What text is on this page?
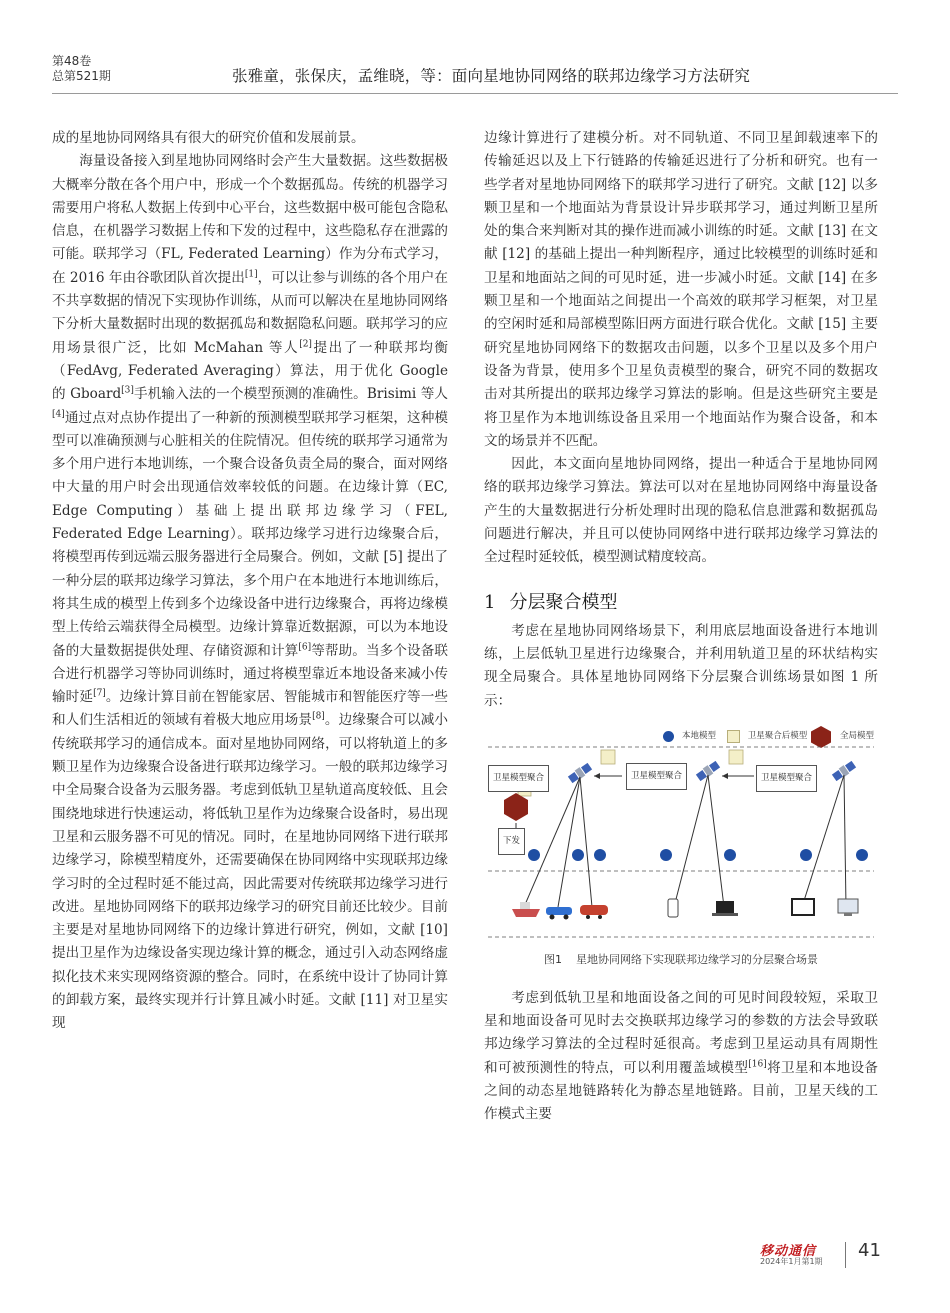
第48卷
总第521期	张雅童，张保庆，孟维晓，等：面向星地协同网络的联邦边缘学习方法研究

成的星地协同网络具有很大的研究价值和发展前景。

海量设备接入到星地协同网络时会产生大量数据。这些数据极大概率分散在各个用户中，形成一个个数据孤岛。传统的机器学习需要用户将私人数据上传到中心平台，这些数据中极可能包含隐私信息，在机器学习数据上传和下发的过程中，这些隐私存在泄露的可能。联邦学习（FL, Federated Learning）作为分布式学习，在 2016 年由谷歌团队首次提出[1]，可以让参与训练的各个用户在不共享数据的情况下实现协作训练，从而可以解决在星地协同网络下分析大量数据时出现的数据孤岛和数据隐私问题。联邦学习的应用场景很广泛，比如 McMahan 等人[2]提出了一种联邦均衡（FedAvg, Federated Averaging）算法，用于优化 Google 的 Gboard[3]手机输入法的一个模型预测的准确性。Brisimi 等人[4]通过点对点协作提出了一种新的预测模型联邦学习框架，这种模型可以准确预测与心脏相关的住院情况。但传统的联邦学习通常为多个用户进行本地训练，一个聚合设备负责全局的聚合，面对网络中大量的用户时会出现通信效率较低的问题。在边缘计算（EC, Edge Computing）基础上提出联邦边缘学习（FEL, Federated Edge Learning）。联邦边缘学习进行边缘聚合后，将模型再传到远端云服务器进行全局聚合。例如，文献 [5] 提出了一种分层的联邦边缘学习算法，多个用户在本地进行本地训练后，将其生成的模型上传到多个边缘设备中进行边缘聚合，再将边缘模型上传给云端获得全局模型。边缘计算靠近数据源，可以为本地设备的大量数据提供处理、存储资源和计算[6]等帮助。当多个设备联合进行机器学习等协同训练时，通过将模型靠近本地设备来减小传输时延[7]。边缘计算目前在智能家居、智能城市和智能医疗等一些和人们生活相近的领域有着极大地应用场景[8]。边缘聚合可以减小传统联邦学习的通信成本。面对星地协同网络，可以将轨道上的多颗卫星作为边缘聚合设备进行联邦边缘学习。一般的联邦边缘学习中全局聚合设备为云服务器。考虑到低轨卫星轨道高度较低、且会围绕地球进行快速运动，将低轨卫星作为边缘聚合设备时，易出现卫星和云服务器不可见的情况。同时，在星地协同网络下进行联邦边缘学习，除模型精度外，还需要确保在协同网络中实现联邦边缘学习时的全过程时延不能过高，因此需要对传统联邦边缘学习进行改进。星地协同网络下的联邦边缘学习的研究目前还比较少。目前主要是对星地协同网络下的边缘计算进行研究，例如，文献 [10] 提出卫星作为边缘设备实现边缘计算的概念，通过引入动态网络虚拟化技术来实现网络资源的整合。同时，在系统中设计了协同计算的卸载方案，最终实现并行计算且减小时延。文献 [11] 对卫星实现

边缘计算进行了建模分析。对不同轨道、不同卫星卸载速率下的传输延迟以及上下行链路的传输延迟进行了分析和研究。也有一些学者对星地协同网络下的联邦学习进行了研究。文献 [12] 以多颗卫星和一个地面站为背景设计异步联邦学习，通过判断卫星所处的集合来判断对其的操作进而减小训练的时延。文献 [13] 在文献 [12] 的基础上提出一种判断程序，通过比较模型的训练时延和卫星和地面站之间的可见时延，进一步减小时延。文献 [14] 在多颗卫星和一个地面站之间提出一个高效的联邦学习框架，对卫星的空闲时延和局部模型陈旧两方面进行联合优化。文献 [15] 主要研究星地协同网络下的数据攻击问题，以多个卫星以及多个用户设备为背景，使用多个卫星负责模型的聚合，研究不同的数据攻击对其所提出的联邦边缘学习算法的影响。但是这些研究主要是将卫星作为本地训练设备且采用一个地面站作为聚合设备，和本文的场景并不匹配。

因此，本文面向星地协同网络，提出一种适合于星地协同网络的联邦边缘学习算法。算法可以对在星地协同网络中海量设备产生的大量数据进行分析处理时出现的隐私信息泄露和数据孤岛问题进行解决，并且可以使协同网络中进行联邦边缘学习算法的全过程时延较低，模型测试精度较高。

1 分层聚合模型

考虑在星地协同网络场景下，利用底层地面设备进行本地训练，上层低轨卫星进行边缘聚合，并利用轨道卫星的环状结构实现全局聚合。具体星地协同网络下分层聚合训练场景如图 1 所示：

本地模型	卫星聚合后模型	全局模型
卫星模型聚合	卫星模型聚合	卫星模型聚合
下发
图1 星地协同网络下实现联邦边缘学习的分层聚合场景

考虑到低轨卫星和地面设备之间的可见时间段较短，采取卫星和地面设备可见时去交换联邦边缘学习的参数的方法会导致联邦边缘学习算法的全过程时延很高。考虑到卫星运动具有周期性和可被预测性的特点，可以利用覆盖域模型[16]将卫星和本地设备之间的动态星地链路转化为静态星地链路。目前，卫星天线的工作模式主要

移动通信
2024年1月第1期
41
